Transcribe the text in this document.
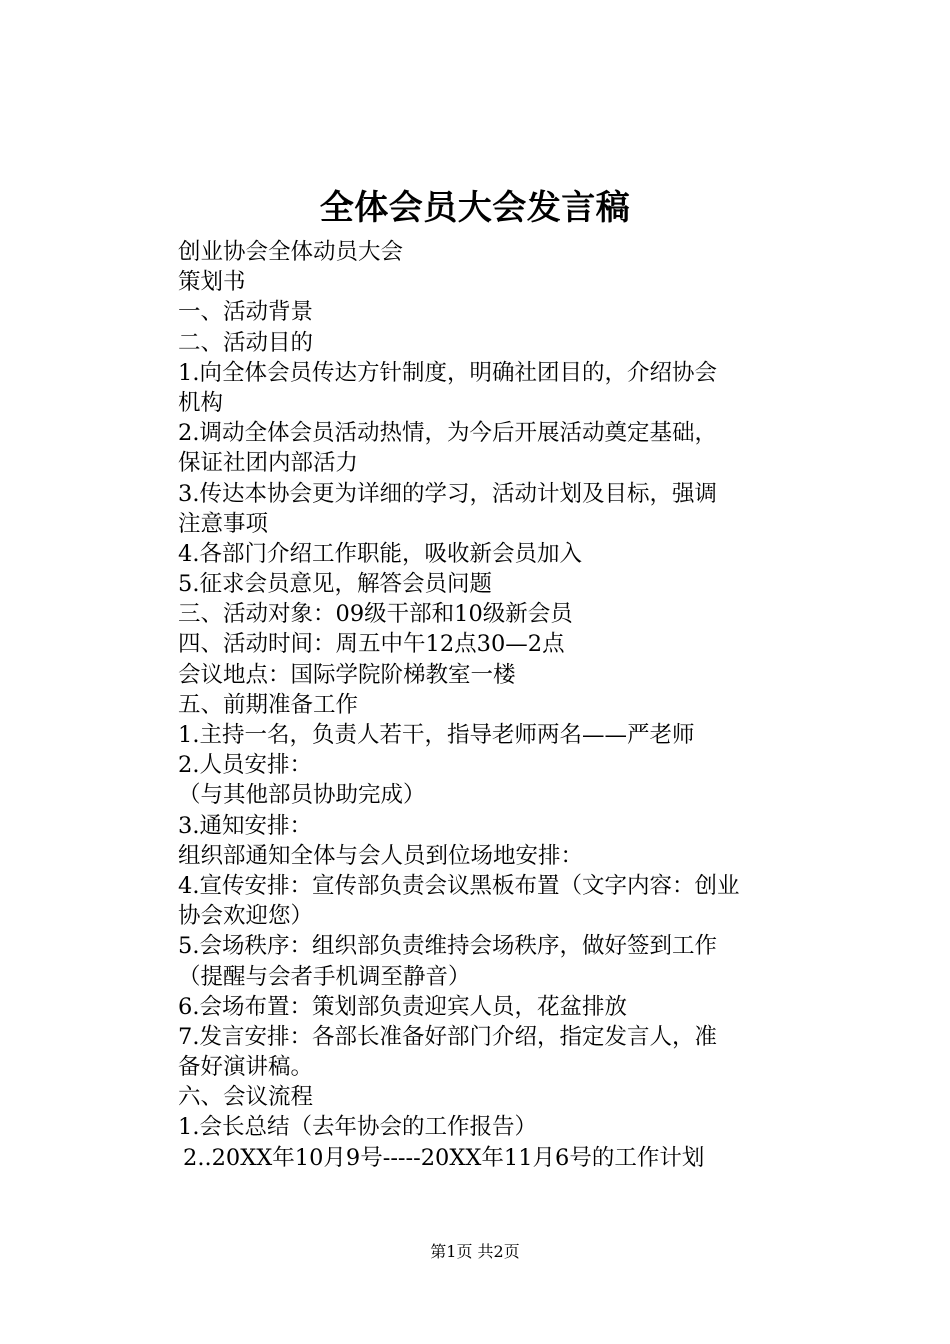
全体会员大会发言稿
创业协会全体动员大会
策划书
一、活动背景
二、活动目的
1.向全体会员传达方针制度，明确社团目的，介绍协会
机构
2.调动全体会员活动热情，为今后开展活动奠定基础，
保证社团内部活力
3.传达本协会更为详细的学习，活动计划及目标，强调
注意事项
4.各部门介绍工作职能，吸收新会员加入
5.征求会员意见，解答会员问题
三、活动对象：09级干部和10级新会员
四、活动时间：周五中午12点30—2点
会议地点：国际学院阶梯教室一楼
五、前期准备工作
1.主持一名，负责人若干，指导老师两名——严老师
2.人员安排：
（与其他部员协助完成）
3.通知安排：
组织部通知全体与会人员到位场地安排：
4.宣传安排：宣传部负责会议黑板布置（文字内容：创业
协会欢迎您）
5.会场秩序：组织部负责维持会场秩序，做好签到工作
（提醒与会者手机调至静音）
6.会场布置：策划部负责迎宾人员，花盆排放
7.发言安排：各部长准备好部门介绍，指定发言人，准
备好演讲稿。
六、会议流程
1.会长总结（去年协会的工作报告）
2..20XX年10月9号-----20XX年11月6号的工作计划
第1页 共2页
